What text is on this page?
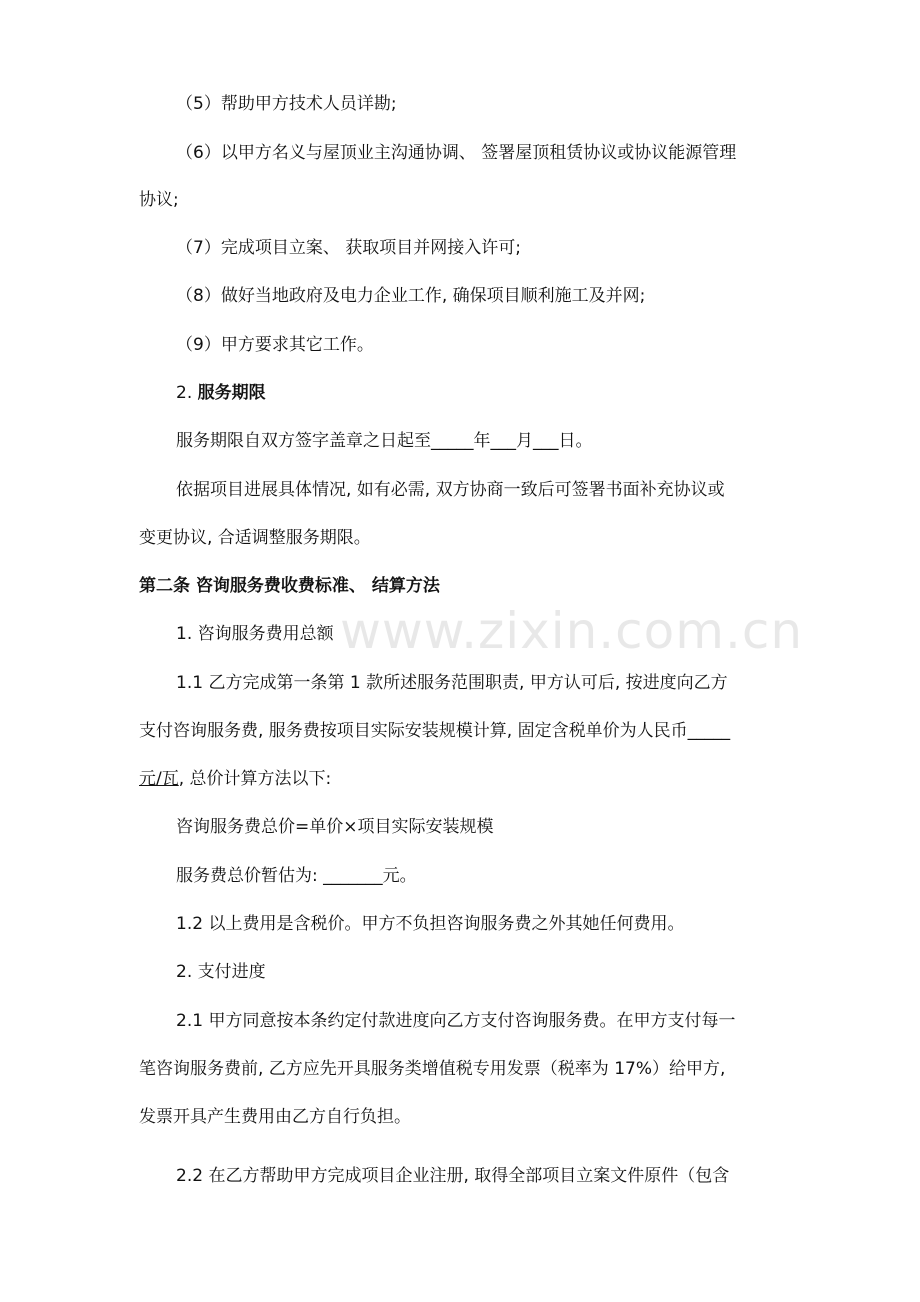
www.zixin.com.cn
（5）帮助甲方技术人员详勘;
（6）以甲方名义与屋顶业主沟通协调、 签署屋顶租赁协议或协议能源管理
协议;
（7）完成项目立案、 获取项目并网接入许可;
（8）做好当地政府及电力企业工作, 确保项目顺利施工及并网;
（9）甲方要求其它工作。
2. 服务期限
服务期限自双方签字盖章之日起至_____年___月___日。
依据项目进展具体情况, 如有必需, 双方协商一致后可签署书面补充协议或
变更协议, 合适调整服务期限。
第二条 咨询服务费收费标准、 结算方法
1. 咨询服务费用总额
1.1 乙方完成第一条第 1 款所述服务范围职责, 甲方认可后, 按进度向乙方
支付咨询服务费, 服务费按项目实际安装规模计算, 固定含税单价为人民币_____
元/瓦, 总价计算方法以下:
咨询服务费总价=单价×项目实际安装规模
服务费总价暂估为: _______元。
1.2 以上费用是含税价。甲方不负担咨询服务费之外其她任何费用。
2. 支付进度
2.1 甲方同意按本条约定付款进度向乙方支付咨询服务费。在甲方支付每一
笔咨询服务费前, 乙方应先开具服务类增值税专用发票（税率为 17%）给甲方,
发票开具产生费用由乙方自行负担。
2.2 在乙方帮助甲方完成项目企业注册, 取得全部项目立案文件原件（包含
